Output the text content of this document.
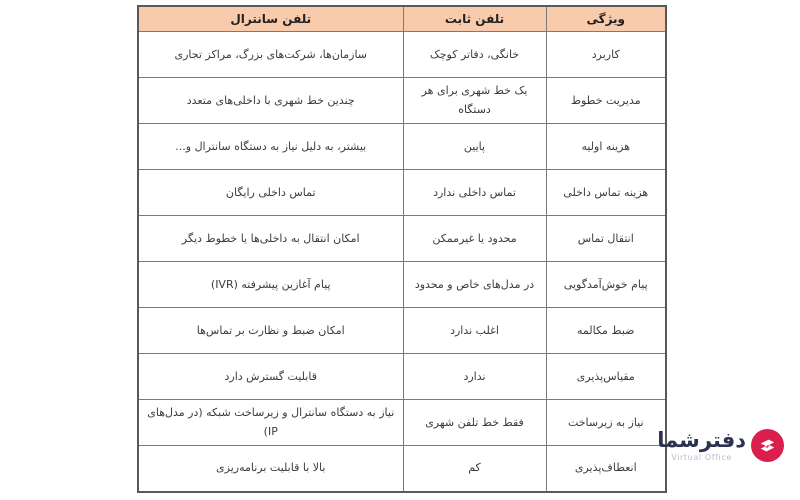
ویژگی	تلفن ثابت	تلفن سانترال
کاربرد	خانگی، دفاتر کوچک	سازمان‌ها، شرکت‌های بزرگ، مراکز تجاری
مدیریت خطوط	یک خط شهری برای هر دستگاه	چندین خط شهری با داخلی‌های متعدد
هزینه اولیه	پایین	بیشتر، به دلیل نیاز به دستگاه سانترال و...
هزینه تماس داخلی	تماس داخلی ندارد	تماس داخلی رایگان
انتقال تماس	محدود یا غیرممکن	امکان انتقال به داخلی‌ها یا خطوط دیگر
پیام خوش‌آمدگویی	در مدل‌های خاص و محدود	پیام آغازین پیشرفته (IVR)
ضبط مکالمه	اغلب ندارد	امکان ضبط و نظارت بر تماس‌ها
مقیاس‌پذیری	ندارد	قابلیت گسترش دارد
نیاز به زیرساخت	فقط خط تلفن شهری	نیاز به دستگاه سانترال و زیرساخت شبکه (در مدل‌های IP)
انعطاف‌پذیری	کم	بالا با قابلیت برنامه‌ریزی
دفترشما
Virtual Office
